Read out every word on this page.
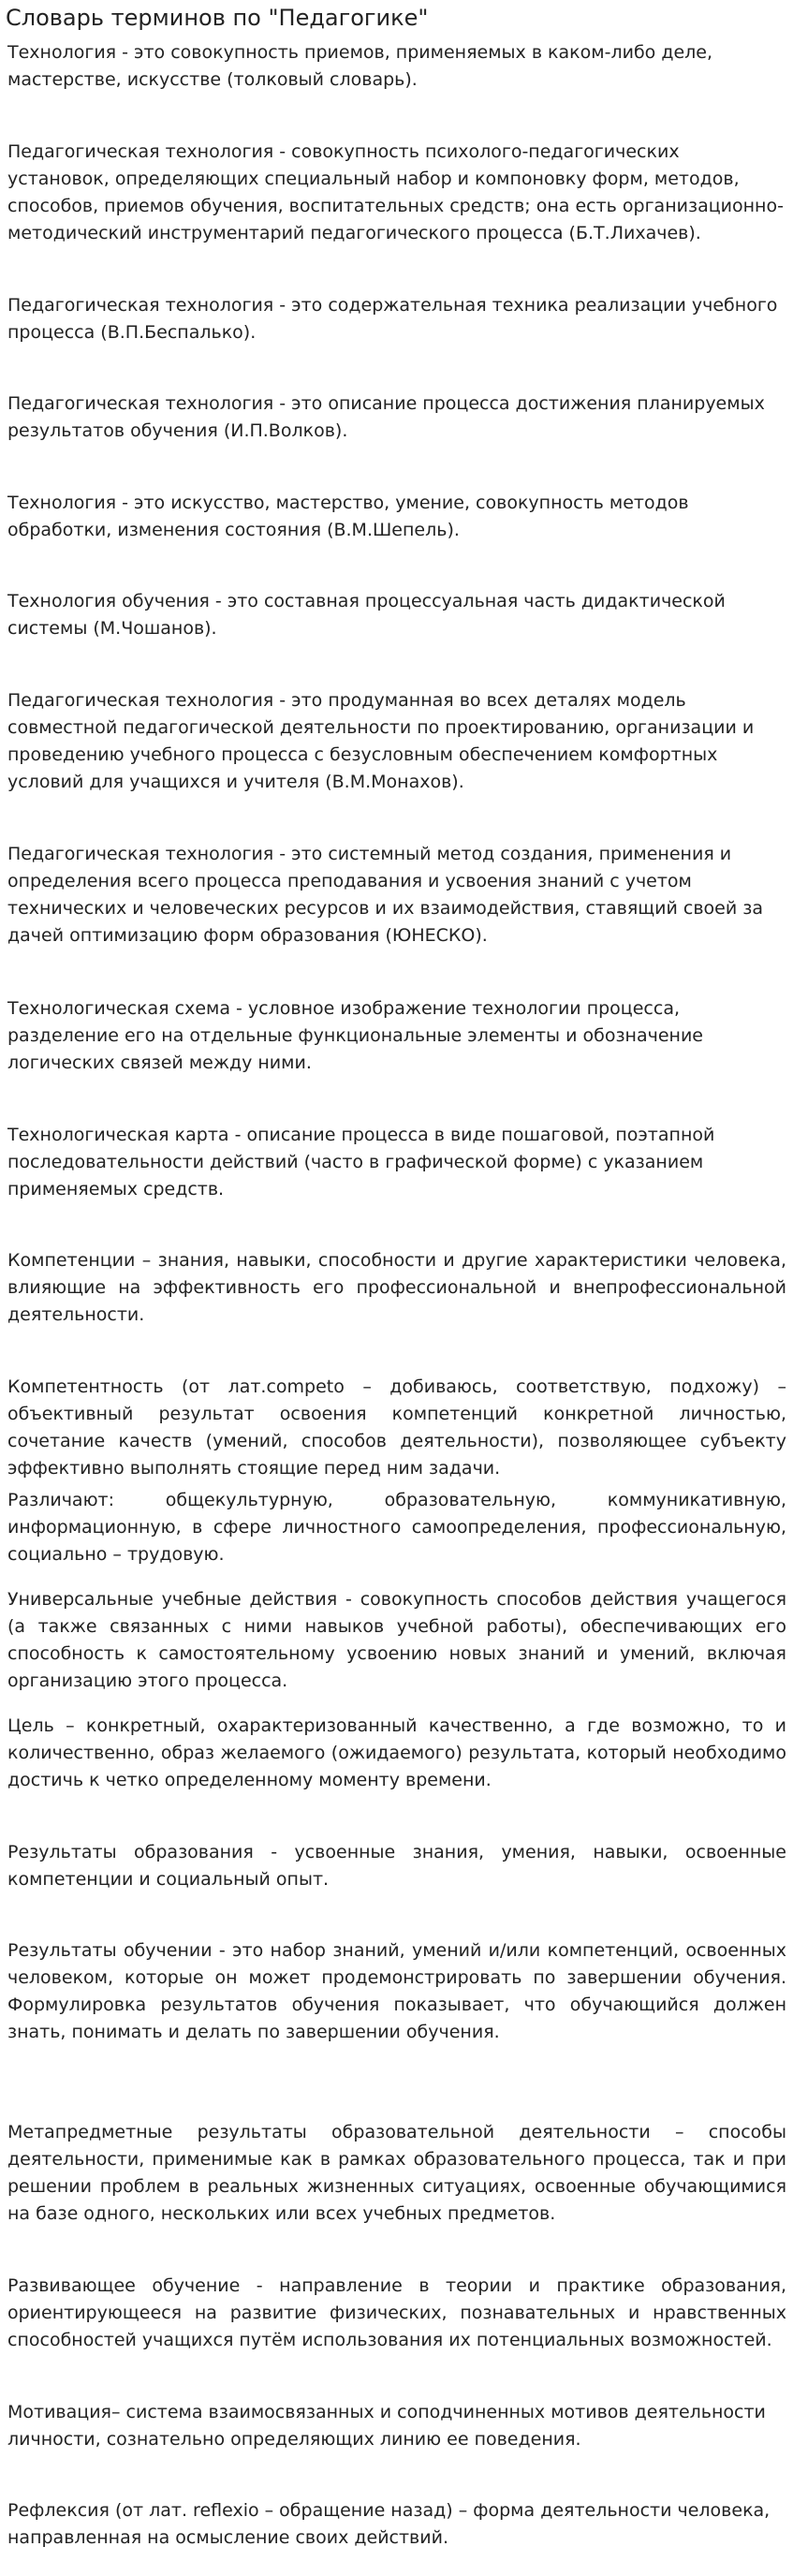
Словарь терминов по "Педагогике"

Технология - это совокупность приемов, применяемых в каком-либо деле, мастерстве, искусстве (толковый словарь).

Педагогическая технология - совокупность психолого-педагогических установок, определяющих специальный набор и компоновку форм, методов, способов, приемов обучения, воспитательных средств; она есть организационно-методический инструментарий педагогического процесса (Б.Т.Лихачев).

Педагогическая технология - это содержательная техника реализации учебного процесса (В.П.Беспалько).

Педагогическая технология - это описание процесса достижения планируемых результатов обучения (И.П.Волков).

Технология - это искусство, мастерство, умение, совокупность методов обработки, изменения состояния (В.М.Шепель).

Технология обучения - это составная процессуальная часть дидактической системы (М.Чошанов).

Педагогическая технология - это продуманная во всех деталях модель совместной педагогической деятельности по проектированию, организации и проведению учебного процесса с безусловным обеспечением комфортных условий для учащихся и учителя (В.М.Монахов).

Педагогическая технология - это системный метод создания, применения и определения всего процесса преподавания и усвоения знаний с учетом технических и человеческих ресурсов и их взаимодействия, ставящий своей за дачей оптимизацию форм образования (ЮНЕСКО).

Технологическая схема - условное изображение технологии процесса, разделение его на отдельные функциональные элементы и обозначение логических связей между ними.

Технологическая карта - описание процесса в виде пошаговой, поэтапной последовательности действий (часто в графической форме) с указанием применяемых средств.

Компетенции – знания, навыки, способности и другие характеристики человека, влияющие на эффективность его профессиональной и внепрофессиональной деятельности.

Компетентность (от лат.competo – добиваюсь, соответствую, подхожу) – объективный результат освоения компетенций конкретной личностью, сочетание качеств (умений, способов деятельности), позволяющее субъекту эффективно выполнять стоящие перед ним задачи.

Различают: общекультурную, образовательную, коммуникативную, информационную, в сфере личностного самоопределения, профессиональную, социально – трудовую.

Универсальные учебные действия - совокупность способов действия учащегося (а также связанных с ними навыков учебной работы), обеспечивающих его способность к самостоятельному усвоению новых знаний и умений, включая организацию этого процесса.

Цель – конкретный, охарактеризованный качественно, а где возможно, то и количественно, образ желаемого (ожидаемого) результата, который необходимо достичь к четко определенному моменту времени.

Результаты образования - усвоенные знания, умения, навыки, освоенные компетенции и социальный опыт.

Результаты обучении - это набор знаний, умений и/или компетенций, освоенных человеком, которые он может продемонстрировать по завершении обучения. Формулировка результатов обучения показывает, что обучающийся должен знать, понимать и делать по завершении обучения.

Метапредметные результаты образовательной деятельности – способы деятельности, применимые как в рамках образовательного процесса, так и при решении проблем в реальных жизненных ситуациях, освоенные обучающимися на базе одного, нескольких или всех учебных предметов.

Развивающее обучение - направление в теории и практике образования, ориентирующееся на развитие физических, познавательных и нравственных способностей учащихся путём использования их потенциальных возможностей.

Мотивация– система взаимосвязанных и соподчиненных мотивов деятельности личности, сознательно определяющих линию ее поведения.

Рефлексия (от лат. reflexio – обращение назад) – форма деятельности человека, направленная на осмысление своих действий.
